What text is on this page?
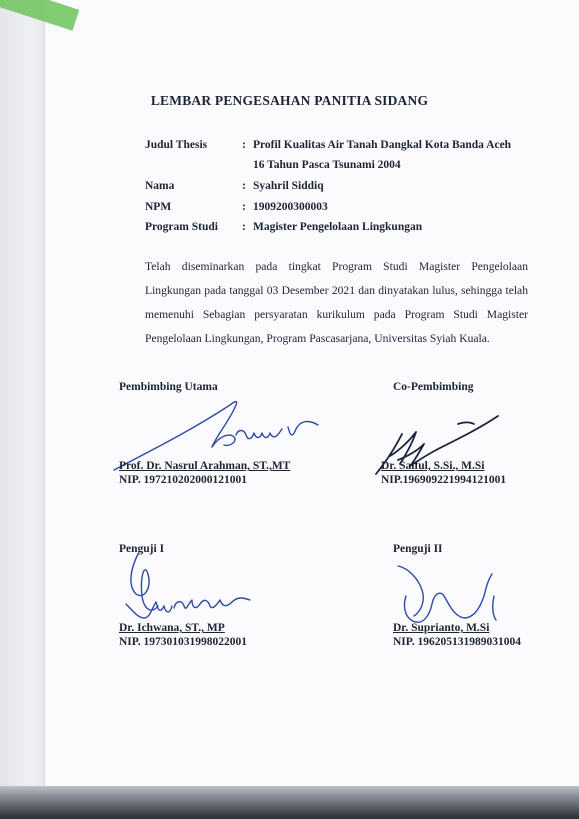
LEMBAR PENGESAHAN PANITIA SIDANG
Judul Thesis	: Profil Kualitas Air Tanah Dangkal Kota Banda Aceh
16 Tahun Pasca Tsunami 2004
Nama	: Syahril Siddiq
NPM	: 1909200300003
Program Studi : Magister Pengelolaan Lingkungan
Telah diseminarkan pada tingkat Program Studi Magister Pengelolaan
Lingkungan pada tanggal 03 Desember 2021 dan dinyatakan lulus, sehingga telah
memenuhi Sebagian persyaratan kurikulum pada Program Studi Magister
Pengelolaan Lingkungan, Program Pascasarjana, Universitas Syiah Kuala.
Pembimbing Utama
Prof. Dr. Nasrul Arahman, ST.,MT
NIP. 197210202000121001
Co-Pembimbing
Dr. Saiful, S.Si., M.Si
NIP.196909221994121001
Penguji I
Dr. Ichwana, ST., MP
NIP. 197301031998022001
Penguji II
Dr. Suprianto, M.Si
NIP. 196205131989031004
